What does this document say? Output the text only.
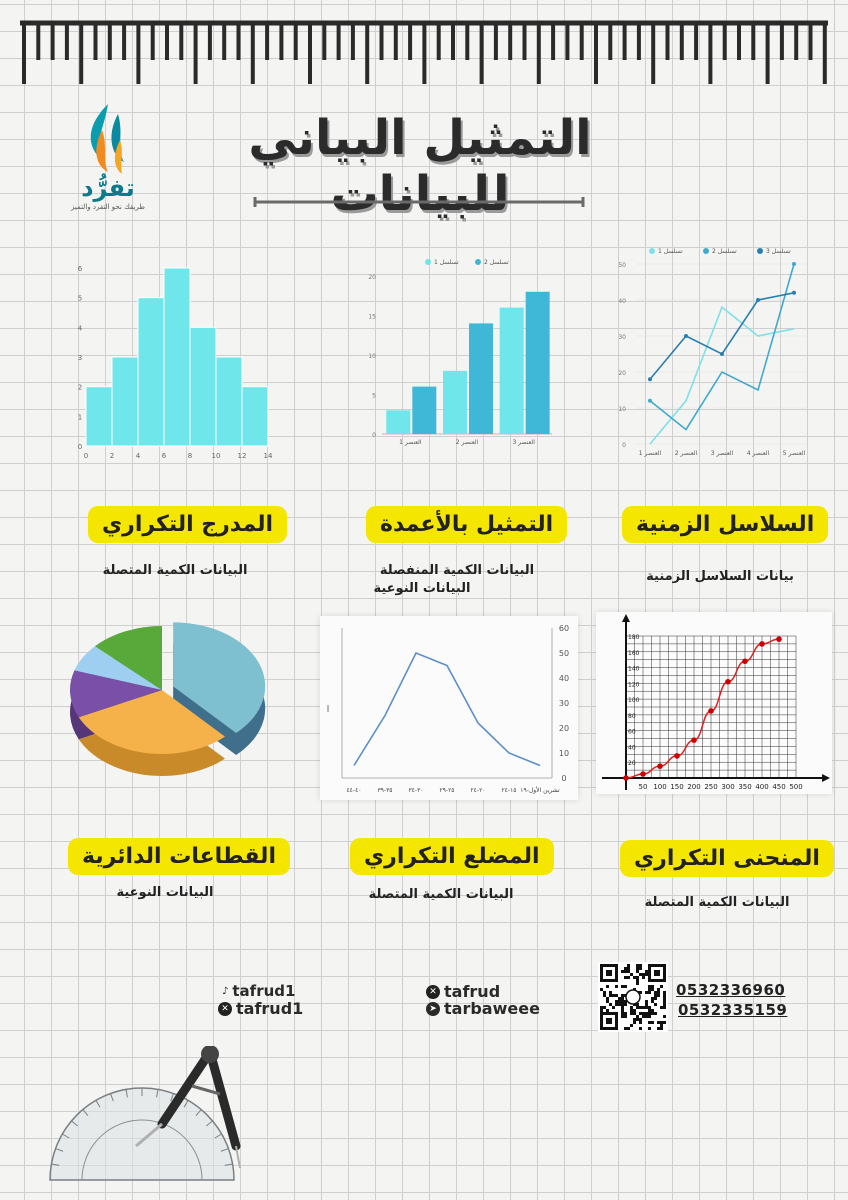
تفرُّد
طريقك نحو التفرد والتميز
التمثيل البياني للبيانات
0
1
2
3
4
5
6
0	2	4	6	8	10 12 14
0
5
10
15
20
العنصر 1	العنصر 2	العنصر 3
تسلسل 1	تسلسل 2
0
10
20
30
40
50
العنصر 1 العنصر 2 العنصر 3 العنصر 4 العنصر 5
تسلسل 1	تسلسل 2	تسلسل 3
المدرج التكراري
البيانات الكمية المتصلة
التمثيل بالأعمدة
البيانات الكمية المنفصلة
البيانات النوعية
السلاسل الزمنية
بيانات السلاسل الزمنية
0
10
20
30
40
50
60
ا
تشرين الأول-١٩
١٥-٢٤
٢٠-٢٤
٢٥-٢٩
٣٠-٣٤
٣٥-٣٩
٤٠-٤٤
20
40
60
80
100
120
140
160
180
50 100 150 200 250 300 350 400 450 500
القطاعات الدائرية
البيانات النوعية
المضلع التكراري
البيانات الكمية المتصلة
المنحنى التكراري
البيانات الكمية المتصلة
♪ tafrud1
✕ tafrud1
✕ tafrud
➤ tarbaweee
0532336960
0532335159
